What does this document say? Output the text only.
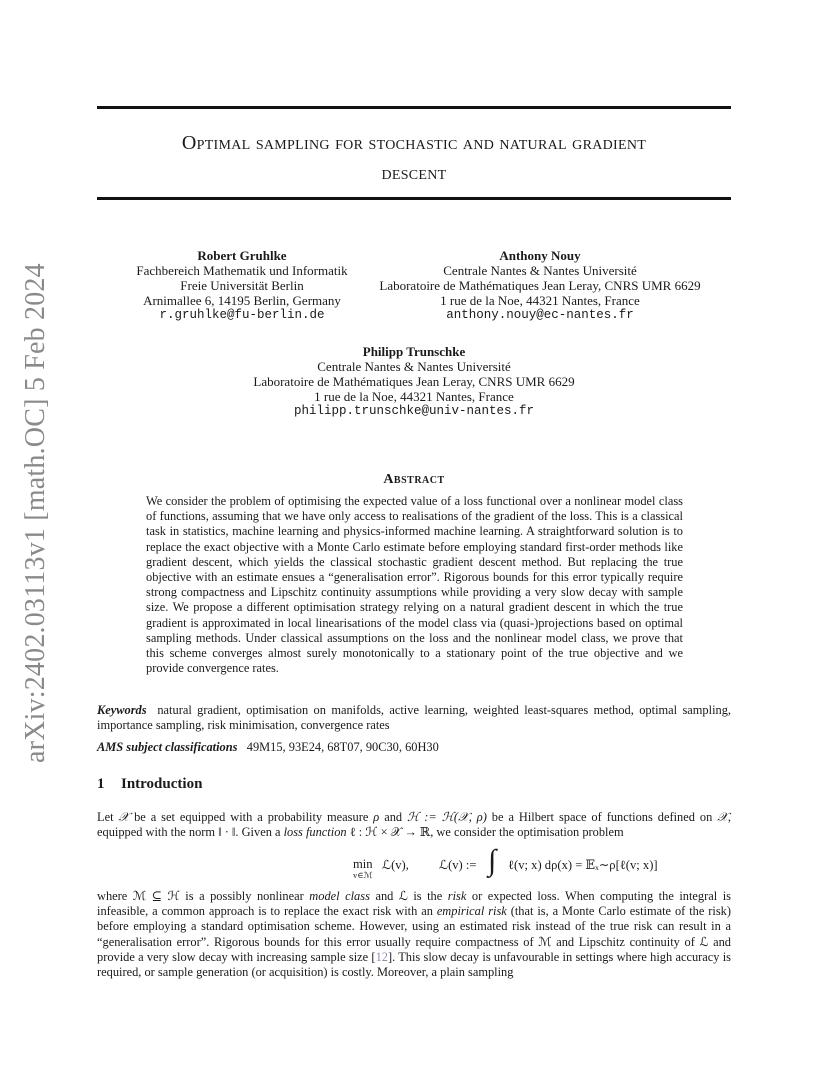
Optimal sampling for stochastic and natural gradient
descent
arXiv:2402.03113v1 [math.OC] 5 Feb 2024
Robert Gruhlke
Fachbereich Mathematik und Informatik
Freie Universität Berlin
Arnimallee 6, 14195 Berlin, Germany
r.gruhlke@fu-berlin.de
Anthony Nouy
Centrale Nantes & Nantes Université
Laboratoire de Mathématiques Jean Leray, CNRS UMR 6629
1 rue de la Noe, 44321 Nantes, France
anthony.nouy@ec-nantes.fr
Philipp Trunschke
Centrale Nantes & Nantes Université
Laboratoire de Mathématiques Jean Leray, CNRS UMR 6629
1 rue de la Noe, 44321 Nantes, France
philipp.trunschke@univ-nantes.fr
Abstract
We consider the problem of optimising the expected value of a loss functional over a nonlinear model class of functions, assuming that we have only access to realisations of the gradient of the loss. This is a classical task in statistics, machine learning and physics-informed machine learning. A straightforward solution is to replace the exact objective with a Monte Carlo estimate before employing standard first-order methods like gradient descent, which yields the classical stochastic gradient descent method. But replacing the true objective with an estimate ensues a “generalisation error”. Rigorous bounds for this error typically require strong compactness and Lipschitz continuity assumptions while providing a very slow decay with sample size. We propose a different optimisation strategy relying on a natural gradient descent in which the true gradient is approximated in local linearisations of the model class via (quasi-)projections based on optimal sampling methods. Under classical assumptions on the loss and the nonlinear model class, we prove that this scheme converges almost surely monotonically to a stationary point of the true objective and we provide convergence rates.
Keywords natural gradient, optimisation on manifolds, active learning, weighted least-squares method, optimal sampling, importance sampling, risk minimisation, convergence rates
AMS subject classifications 49M15, 93E24, 68T07, 90C30, 60H30
1 Introduction
Let 𝒳 be a set equipped with a probability measure ρ and ℋ := ℋ(𝒳, ρ) be a Hilbert space of functions defined on 𝒳, equipped with the norm ‖ · ‖. Given a loss function ℓ : ℋ × 𝒳 → ℝ, we consider the optimisation problem
min
v∈ℳ
ℒ(v), ℒ(v) := ∫ ℓ(v; x) dρ(x) = 𝔼ₓ∼ρ[ℓ(v; x)]
where ℳ ⊆ ℋ is a possibly nonlinear model class and ℒ is the risk or expected loss. When computing the integral is infeasible, a common approach is to replace the exact risk with an empirical risk (that is, a Monte Carlo estimate of the risk) before employing a standard optimisation scheme. However, using an estimated risk instead of the true risk can result in a “generalisation error”. Rigorous bounds for this error usually require compactness of ℳ and Lipschitz continuity of ℒ and provide a very slow decay with increasing sample size [12]. This slow decay is unfavourable in settings where high accuracy is required, or sample generation (or acquisition) is costly. Moreover, a plain sampling
